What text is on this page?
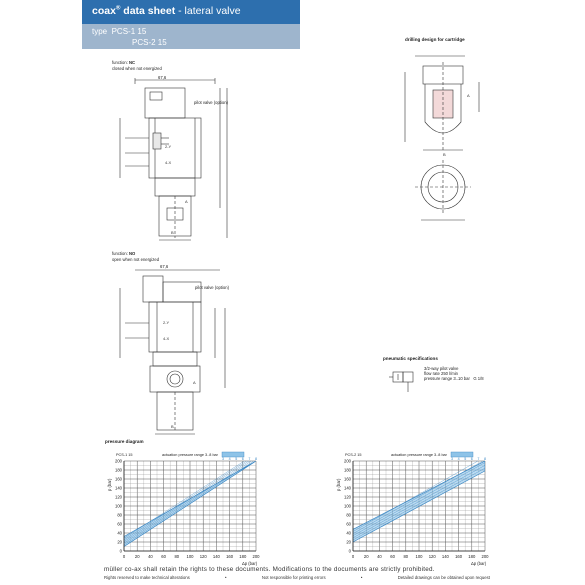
coax® data sheet - lateral valve
type PCS-1 15
PCS-2 15
function: NC
closed when not energized
67,6
pilot valve (option)
A
B
2-Y
4-X
function: NO
open when not energized
67,6
pilot valve (option)
A
B
2-Y
4-X
drilling design for cartridge
A
B
pneumatic specifications
3/2-way pilot valve
flow rate 250 l/min
pressure range 3..10 bar G 1/8
pressure diagram
0 20 40 60 80 100 120 140 160 180 200
0
20
40
60
80
100
120
140
160
180
200	3 4 5 6 7 8
PCS-1 15	actuation pressure range 3..8 bar
Δp (bar)
p (bar)
0 20 40 60 80 100 120 140 160 180 200
0
20
40
60
80
100
120
140
160
180
200	3 4 5 6 7 8
PCS-2 15	actuation pressure range 3..8 bar
Δp (bar)
p (bar)
müller co-ax shall retain the rights to these documents. Modifications to the documents are strictly prohibited.
Rights reserved to make technical alterations	•	Not responsible for printing errors	•	Detailed drawings can be obtained upon request
